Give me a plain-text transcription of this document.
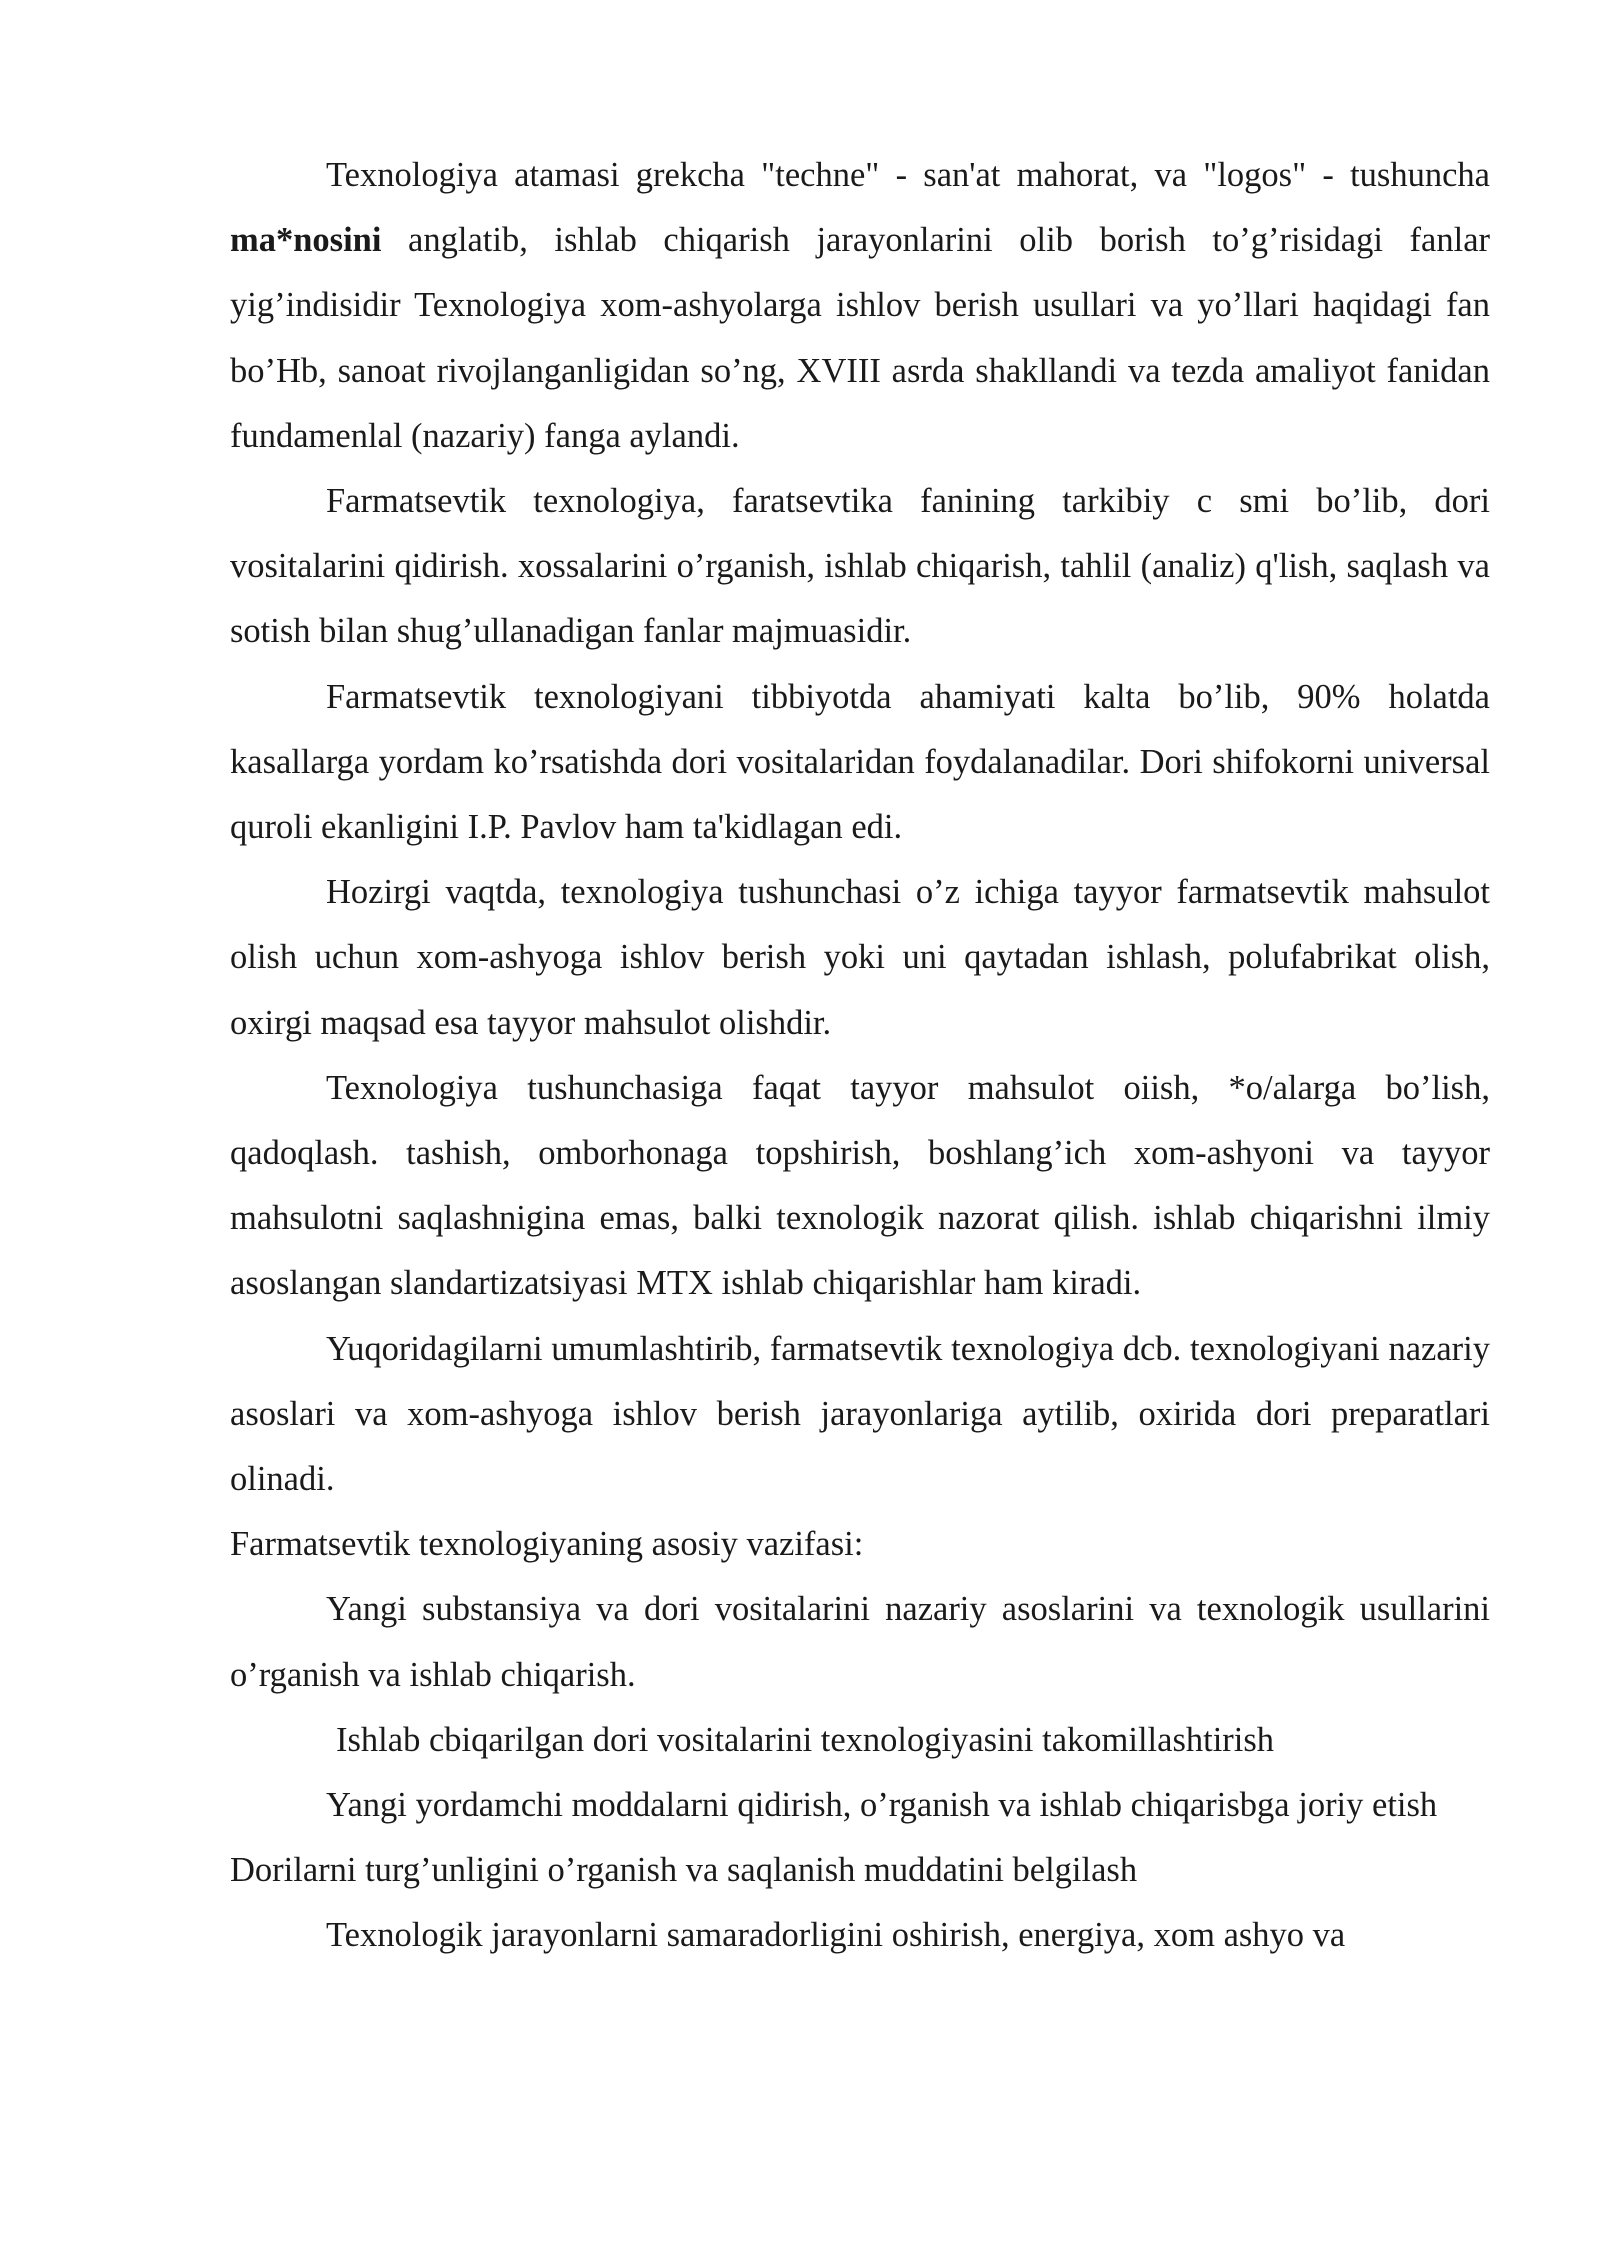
Texnologiya atamasi grekcha "techne" - san'at mahorat, va "logos" - tushuncha ma*nosini anglatib, ishlab chiqarish jarayonlarini olib borish to’g’risidagi fanlar yig’indisidir Texnologiya xom-ashyolarga ishlov berish usullari va yo’llari haqidagi fan bo’Hb, sanoat rivojlanganligidan so’ng, XVIII asrda shakllandi va tezda amaliyot fanidan fundamenlal (nazariy) fanga aylandi.

Farmatsevtik texnologiya, faratsevtika fanining tarkibiy c smi bo’lib, dori vositalarini qidirish. xossalarini o’rganish, ishlab chiqarish, tahlil (analiz) q'lish, saqlash va sotish bilan shug’ullanadigan fanlar majmuasidir.

Farmatsevtik texnologiyani tibbiyotda ahamiyati kalta bo’lib, 90% holatda kasallarga yordam ko’rsatishda dori vositalaridan foydalanadilar. Dori shifokorni universal quroli ekanligini I.P. Pavlov ham ta'kidlagan edi.

Hozirgi vaqtda, texnologiya tushunchasi o’z ichiga tayyor farmatsevtik mahsulot olish uchun xom-ashyoga ishlov berish yoki uni qaytadan ishlash, polufabrikat olish, oxirgi maqsad esa tayyor mahsulot olishdir.

Texnologiya tushunchasiga faqat tayyor mahsulot oiish, *o/alarga bo’lish, qadoqlash. tashish, omborhonaga topshirish, boshlang’ich xom-ashyoni va tayyor mahsulotni saqlashnigina emas, balki texnologik nazorat qilish. ishlab chiqarishni ilmiy asoslangan slandartizatsiyasi MTX ishlab chiqarishlar ham kiradi.

Yuqoridagilarni umumlashtirib, farmatsevtik texnologiya dcb. texnologiyani nazariy asoslari va xom-ashyoga ishlov berish jarayonlariga aytilib, oxirida dori preparatlari olinadi.

Farmatsevtik texnologiyaning asosiy vazifasi:

Yangi substansiya va dori vositalarini nazariy asoslarini va texnologik usullarini o’rganish va ishlab chiqarish.

Ishlab cbiqarilgan dori vositalarini texnologiyasini takomillashtirish

Yangi yordamchi moddalarni qidirish, o’rganish va ishlab chiqarisbga joriy etish

Dorilarni turg’unligini o’rganish va saqlanish muddatini belgilash

Texnologik jarayonlarni samaradorligini oshirish, energiya, xom ashyo va
